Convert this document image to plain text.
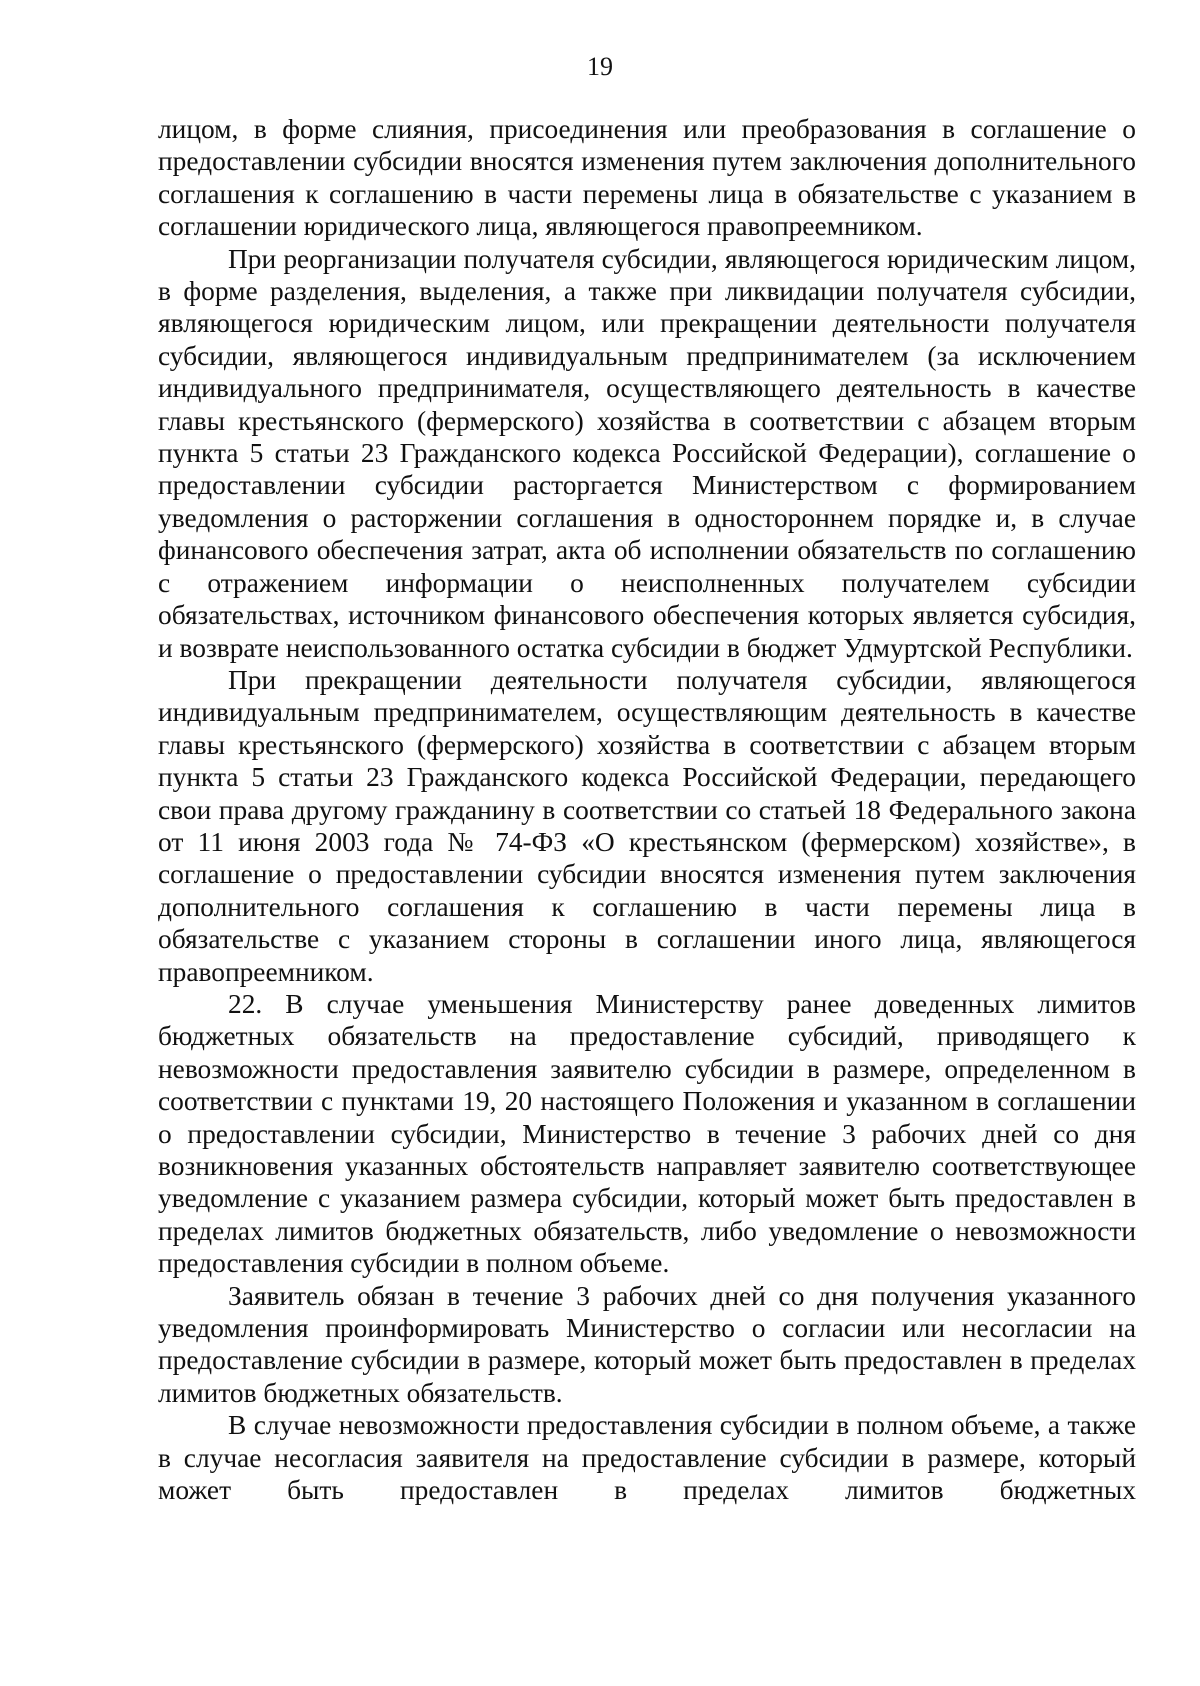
19

лицом, в форме слияния, присоединения или преобразования в соглашение о предоставлении субсидии вносятся изменения путем заключения дополнительного соглашения к соглашению в части перемены лица в обязательстве с указанием в соглашении юридического лица, являющегося правопреемником.

При реорганизации получателя субсидии, являющегося юридическим лицом, в форме разделения, выделения, а также при ликвидации получателя субсидии, являющегося юридическим лицом, или прекращении деятельности получателя субсидии, являющегося индивидуальным предпринимателем (за исключением индивидуального предпринимателя, осуществляющего деятельность в качестве главы крестьянского (фермерского) хозяйства в соответствии с абзацем вторым пункта 5 статьи 23 Гражданского кодекса Российской Федерации), соглашение о предоставлении субсидии расторгается Министерством с формированием уведомления о расторжении соглашения в одностороннем порядке и, в случае финансового обеспечения затрат, акта об исполнении обязательств по соглашению с отражением информации о неисполненных получателем субсидии обязательствах, источником финансового обеспечения которых является субсидия, и возврате неиспользованного остатка субсидии в бюджет Удмуртской Республики.

При прекращении деятельности получателя субсидии, являющегося индивидуальным предпринимателем, осуществляющим деятельность в качестве главы крестьянского (фермерского) хозяйства в соответствии с абзацем вторым пункта 5 статьи 23 Гражданского кодекса Российской Федерации, передающего свои права другому гражданину в соответствии со статьей 18 Федерального закона от 11 июня 2003 года № 74-ФЗ «О крестьянском (фермерском) хозяйстве», в соглашение о предоставлении субсидии вносятся изменения путем заключения дополнительного соглашения к соглашению в части перемены лица в обязательстве с указанием стороны в соглашении иного лица, являющегося правопреемником.

22. В случае уменьшения Министерству ранее доведенных лимитов бюджетных обязательств на предоставление субсидий, приводящего к невозможности предоставления заявителю субсидии в размере, определенном в соответствии с пунктами 19, 20 настоящего Положения и указанном в соглашении о предоставлении субсидии, Министерство в течение 3 рабочих дней со дня возникновения указанных обстоятельств направляет заявителю соответствующее уведомление с указанием размера субсидии, который может быть предоставлен в пределах лимитов бюджетных обязательств, либо уведомление о невозможности предоставления субсидии в полном объеме.

Заявитель обязан в течение 3 рабочих дней со дня получения указанного уведомления проинформировать Министерство о согласии или несогласии на предоставление субсидии в размере, который может быть предоставлен в пределах лимитов бюджетных обязательств.

В случае невозможности предоставления субсидии в полном объеме, а также в случае несогласия заявителя на предоставление субсидии в размере, который может быть предоставлен в пределах лимитов бюджетных
